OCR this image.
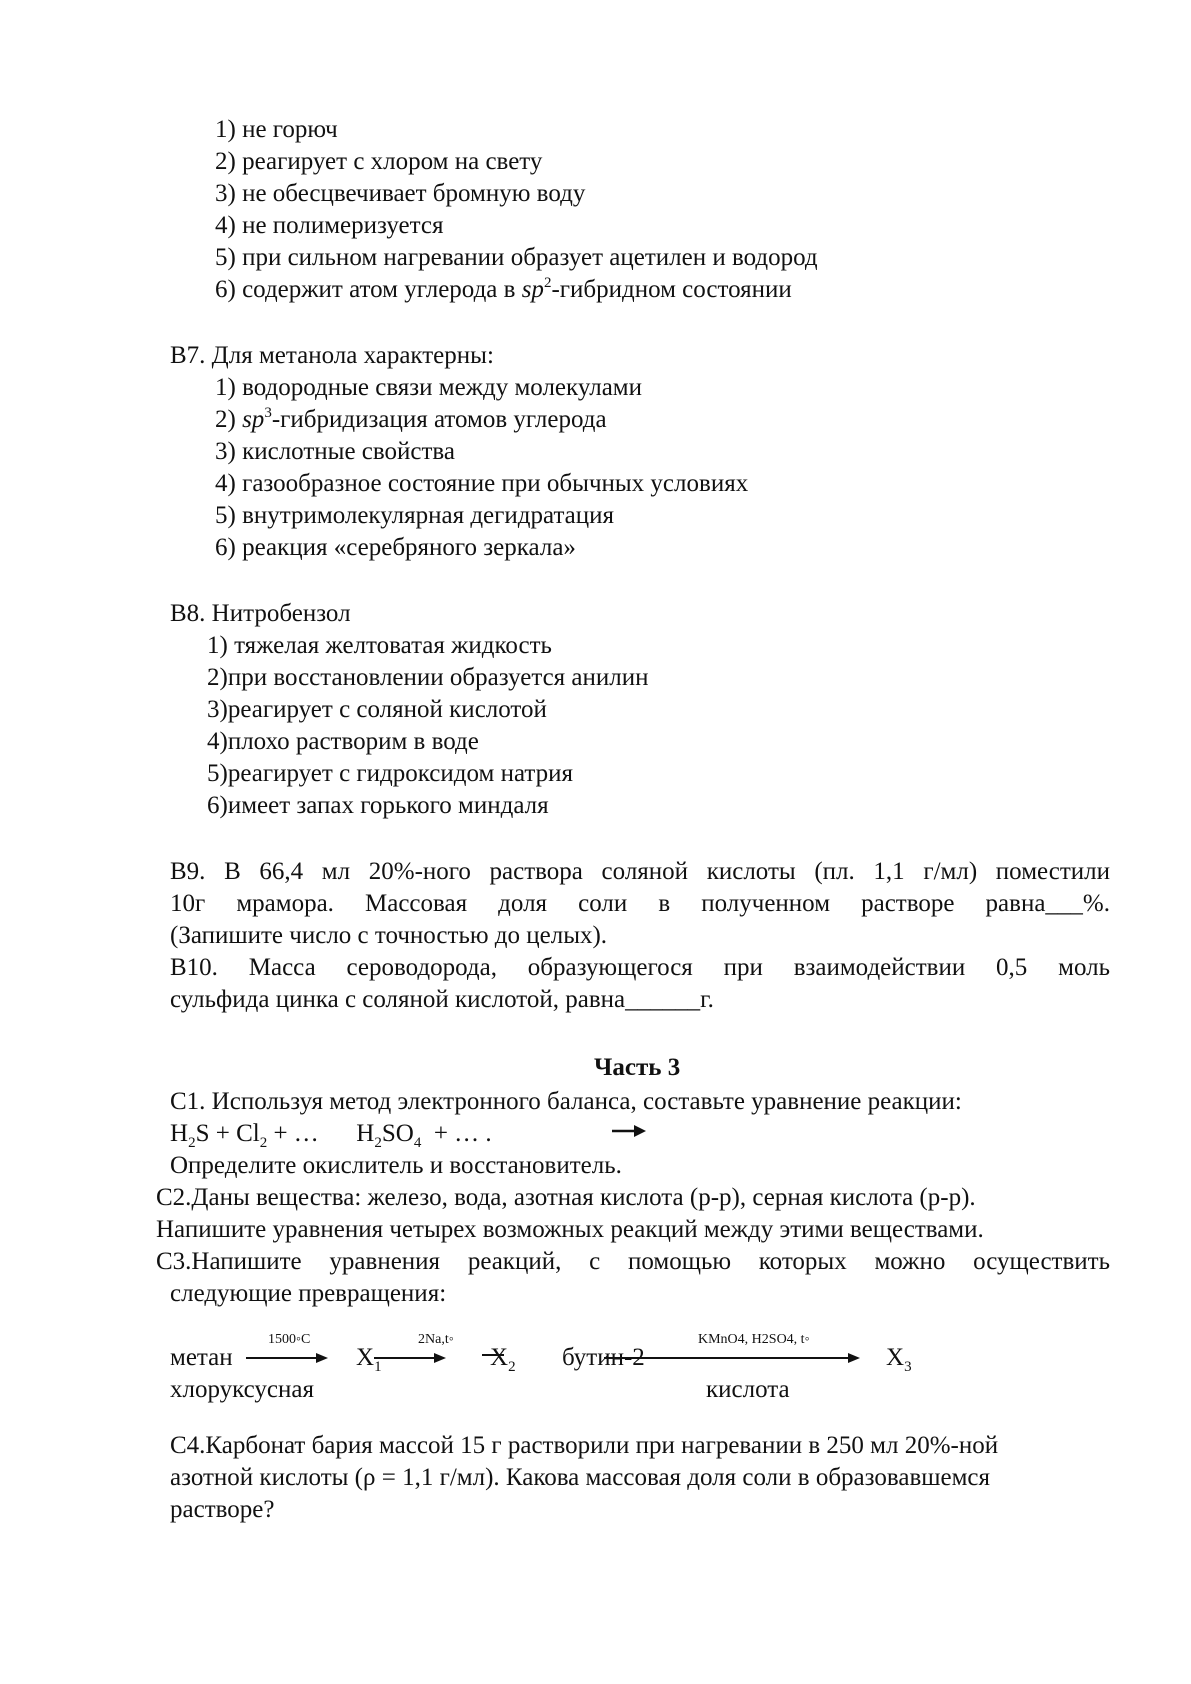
1) не горюч
2) реагирует с хлором на свету
3) не обесцвечивает бромную воду
4) не полимеризуется
5) при сильном нагревании образует ацетилен и водород
6) содержит атом углерода в $sp^2$-гибридном состоянии
В7. Для метанола характерны:
1) водородные связи между молекулами
2) $sp^3$-гибридизация атомов углерода
3) кислотные свойства
4) газообразное состояние при обычных условиях
5) внутримолекулярная дегидратация
6) реакция «серебряного зеркала»
В8. Нитробензол
1) тяжелая желтоватая жидкость
2)при восстановлении образуется анилин
3)реагирует с соляной кислотой
4)плохо растворим в воде
5)реагирует с гидроксидом натрия
6)имеет запах горького миндаля
В9. В 66,4 мл 20%-ного раствора соляной кислоты (пл. 1,1 г/мл) поместили
10г мрамора. Массовая доля соли в полученном растворе равна___%.
(Запишите число с точностью до целых).
В10. Масса сероводорода, образующегося при взаимодействии 0,5 моль
сульфида цинка с соляной кислотой, равна______г.
Часть 3
С1. Используя метод электронного баланса, составьте уравнение реакции:
$H_2S + Cl_2$ + …      $H_2SO_4$  + … .
Определите окислитель и восстановитель.
С2.Даны вещества: железо, вода, азотная кислота (р-р), серная кислота (р-р).
Напишите уравнения четырех возможных реакций между этими веществами.
С3.Напишите уравнения реакций, с помощью которых можно осуществить
следующие превращения:
метан
1500◦С
$X_1$
2Na,t◦
$X_2$ бутин-2
KMnO4, H2SO4, t◦
$X_3$
хлоруксусная	кислота
С4.Карбонат бария массой 15 г растворили при нагревании в 250 мл 20%-ной
азотной кислоты (ρ = 1,1 г/мл). Какова массовая доля соли в образовавшемся
растворе?
